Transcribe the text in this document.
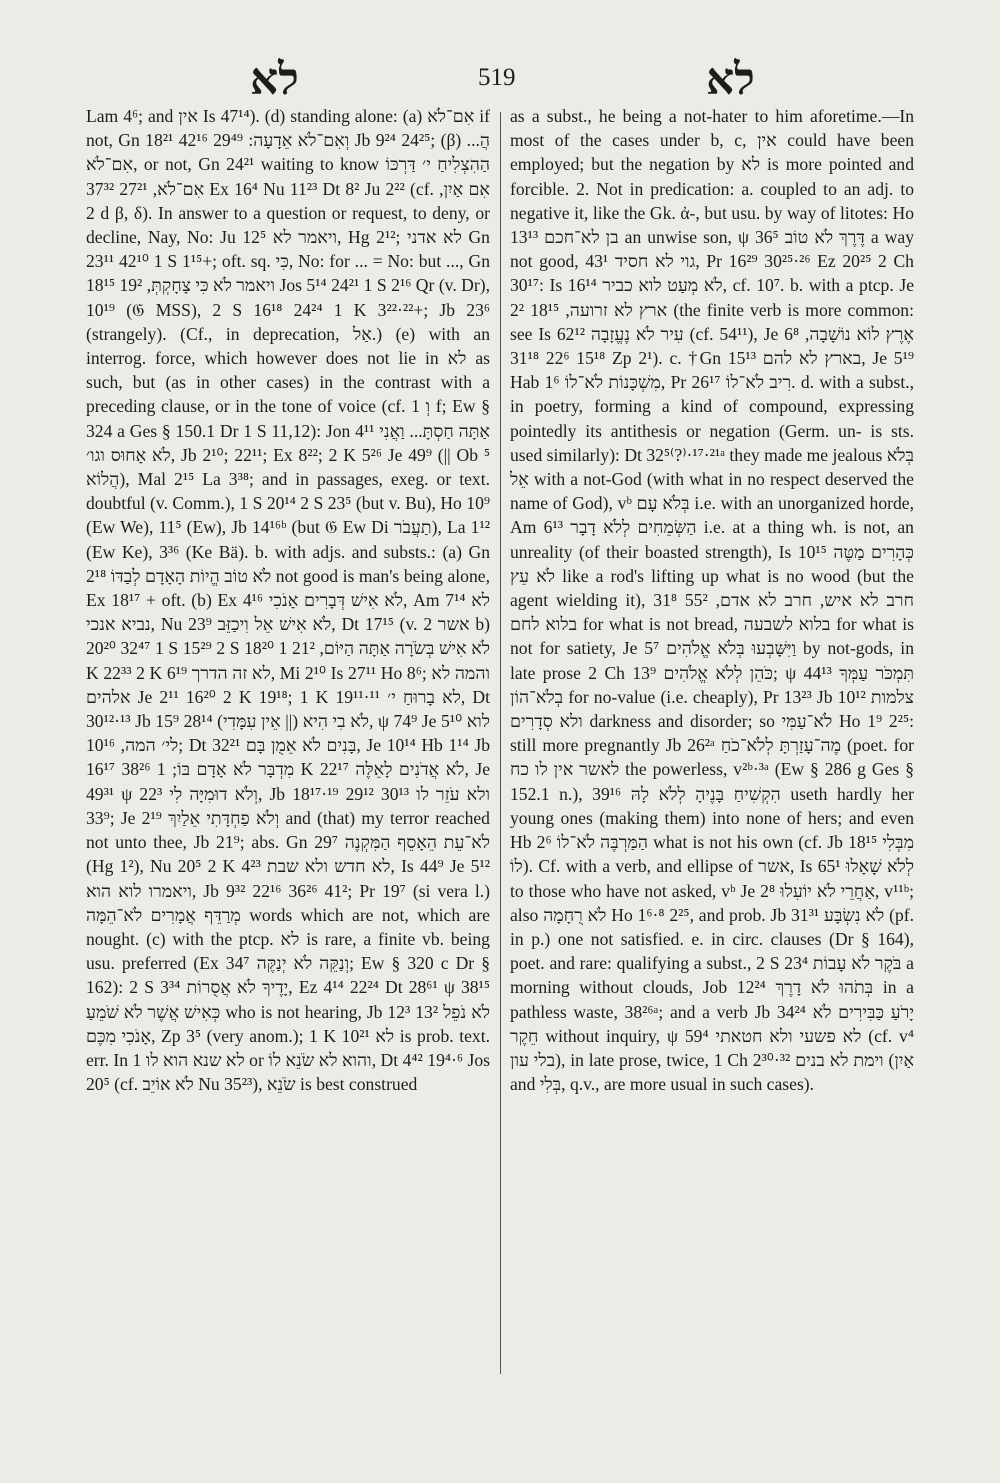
לא	519	לא

Lam 4⁶; and אין Is 47¹⁴). (d) standing alone: (a) אִם־לֹא if not, Gn 18²¹ וְאִם־לֹא אֵדָעָה: 29⁴⁹ 42¹⁶ Jb 9²⁴ 24²⁵; (β) הֲ... אִם־לֹא, or not, Gn 24²¹ waiting to know הַהִצְלִיחַ י׳ דַּרְכּוֹ אִם־לֹא, 27²¹ 37³² Ex 16⁴ Nu 11²³ Dt 8² Ju 2²² (cf. אִם אַיִן, 2 d β, δ). In answer to a question or request, to deny, or decline, Nay, No: Ju 12⁵ ויאמר לא, Hg 2¹²; לא אדני Gn 23¹¹ 42¹⁰ 1 S 1¹⁵+; oft. sq. כִּי, No: for ... = No: but ..., Gn 18¹⁵ ויאמר לֹא כִּי צָחָקְתְּ, 19² Jos 5¹⁴ 24²¹ 1 S 2¹⁶ Qr (v. Dr), 10¹⁹ (𝔊 MSS), 2 S 16¹⁸ 24²⁴ 1 K 3²²·²²+; Jb 23⁶ (strangely). (Cf., in deprecation, אַל.) (e) with an interrog. force, which however does not lie in לא as such, but (as in other cases) in the contrast with a preceding clause, or in the tone of voice (cf. וְ 1 f; Ew § 324 a Ges § 150.1 Dr 1 S 11,12): Jon 4¹¹ אַתָּה חַסְתָּ... וַאֲנִי לֹא אָחוּס וגו׳, Jb 2¹⁰; 22¹¹; Ex 8²²; 2 K 5²⁶ Je 49⁹ (|| Ob ⁵ הֲלוֹא), Mal 2¹⁵ La 3³⁸; and in passages, exeg. or text. doubtful (v. Comm.), 1 S 20¹⁴ 2 S 23⁵ (but v. Bu), Ho 10⁹ (Ew We), 11⁵ (Ew), Jb 14¹⁶ᵇ (but 𝔊 Ew Di תַעֲבֹר), La 1¹² (Ew Ke), 3³⁶ (Ke Bä). b. with adjs. and substs.: (a) Gn 2¹⁸ לֹא טוֹב הֱיוֹת הָאָדָם לְבַדּוֹ not good is man's being alone, Ex 18¹⁷ + oft. (b) Ex 4¹⁶ לֹא אִישׁ דְּבָרִים אָנֹכִי, Am 7¹⁴ לא נביא אנכי, Nu 23⁹ לֹא אִישׁ אֵל וִיכַזֵּב, Dt 17¹⁵ (v. אשר 2 b) 20²⁰ 32⁴⁷ 1 S 15²⁹ 2 S 18²⁰ לֹא אִישׁ בְּשֹׂרָה אַתָּה הַיּוֹם, 21² 1 K 22³³ 2 K 6¹⁹ לא זה הדרך, Mi 2¹⁰ Is 27¹¹ Ho 8⁶; והמה לא אלהים Je 2¹¹ 16²⁰ 2 K 19¹⁸; 1 K 19¹¹·¹¹ לא בָרוּחַ י׳, Dt 30¹²·¹³ Jb 15⁹ 28¹⁴ לֹא בִי הִיא (|| אֵין עִמָּדִי), ψ 74⁹ Je 5¹⁰ לוא לי׳ המה, 10¹⁶; Dt 32²¹ בָּנִים לֹא אֵמֻן בָּם, Je 10¹⁴ Hb 1¹⁴ Jb 16¹⁷ 38²⁶ מִדְבָּר לֹא אָדָם בּוֹ; 1 K 22¹⁷ לֹא אֲדֹנִים לָאֵלֶּה, Je 49³¹ ψ 22³ וְלֹא דוּמִיָּה לִי, Jb 18¹⁷·¹⁹ 29¹² ולא עֹזֵר לו 30¹³ 33⁹; Je 2¹⁹ וְלֹא פַחְדָּתִי אֵלַיִךְ and (that) my terror reached not unto thee, Jb 21⁹; abs. Gn 29⁷ לֹא־עֵת הֵאָסֵף הַמִּקְנֶה (Hg 1²), Nu 20⁵ 2 K 4²³ לא חדש ולא שבת, Is 44⁹ Je 5¹² ויאמרו לוא הוא, Jb 9³² 22¹⁶ 36²⁶ 41²; Pr 19⁷ (si vera l.) מְרַדֵּף אֲמָרִים לֹא־הֵמָּה words which are not, which are nought. (c) with the ptcp. לא is rare, a finite vb. being usu. preferred (Ex 34⁷ וְנַקֵּה לֹא יְנַקֶּה; Ew § 320 c Dr § 162): 2 S 3³⁴ יָדֶיךָ לֹא אֲסֻרוֹת, Ez 4¹⁴ 22²⁴ Dt 28⁶¹ ψ 38¹⁵ כְּאִישׁ אֲשֶׁר לֹא שֹׁמֵעַ who is not hearing, Jb 12³ 13² לֹא נֹפֵל אָנֹכִי מִכֶּם, Zp 3⁵ (very anom.); 1 K 10²¹ לא is prob. text. err. In 1 לא שנא הוא לו or והוא לא שֹׂנֵא לוֹ, Dt 4⁴² 19⁴·⁶ Jos 20⁵ (cf. לֹא אוֹיֵב Nu 35²³), שֹׂנֵא is best construed

as a subst., he being a not-hater to him aforetime.—In most of the cases under b, c, אין could have been employed; but the negation by לא is more pointed and forcible. 2. Not in predication: a. coupled to an adj. to negative it, like the Gk. ἀ-, but usu. by way of litotes: Ho 13¹³ בן לא־חכם an unwise son, ψ 36⁵ דֶּרֶךְ לֹא טוֹב a way not good, 43¹ גוי לא חסיד, Pr 16²⁹ 30²⁵·²⁶ Ez 20²⁵ 2 Ch 30¹⁷: Is 16¹⁴ לֹא מְעַט לוא כביר, cf. 10⁷. b. with a ptcp. Je 2² ארץ לא זרועה, 18¹⁵ (the finite verb is more common: see Is 62¹² עִיר לֹא נֶעֱזָבָה (cf. 54¹¹), Je 6⁸ אֶרֶץ לוֹא נוֹשָׁבָה, 15¹⁸ 22⁶ 31¹⁸ Zp 2¹). c. †Gn 15¹³ בארץ לא להם, Je 5¹⁹ Hab 1⁶ מִשְׁכָּנוֹת לֹא־לוֹ, Pr 26¹⁷ רִיב לֹא־לוֹ. d. with a subst., in poetry, forming a kind of compound, expressing pointedly its antithesis or negation (Germ. un- is sts. used similarly): Dt 32⁵⁽?⁾·¹⁷·²¹ᵃ they made me jealous בְּלֹא אֵל with a not-God (with what in no respect deserved the name of God), vᵇ בְּלֹא עָם i.e. with an unorganized horde, Am 6¹³ הַשְּׂמֵחִים לְלֹא דָבָר i.e. at a thing wh. is not, an unreality (of their boasted strength), Is 10¹⁵ כְּהָרִים מַטֶּה לֹא עֵץ like a rod's lifting up what is no wood (but the agent wielding it), 31⁸ חרב לא איש, חרב לא אדם, 55² בלוא לחם for what is not bread, בלוא לשבעה for what is not for satiety, Je 5⁷ וַיִּשָּׁבְעוּ בְּלֹא אֱלֹהִים by not-gods, in late prose 2 Ch 13⁹ כֹּהֵן לְלֹא אֱלֹהִים; ψ 44¹³ תִּמְכֹּר עַמְּךָ בְלֹא־הוֹן for no-value (i.e. cheaply), Pr 13²³ Jb 10¹² צלמות ולא סְדָרִים darkness and disorder; so לֹא־עַמִּי Ho 1⁹ 2²⁵: still more pregnantly Jb 26²ᵃ מֶה־עָזַרְתָּ לְלֹא־כֹחַ (poet. for לאשר אין לו כח the powerless, v²ᵇ·³ᵃ (Ew § 286 g Ges § 152.1 n.), 39¹⁶ הִקְשִׁיחַ בָּנֶיהָ לְלֹא לָהּ useth hardly her young ones (making them) into none of hers; and even Hb 2⁶ הַמַּרְבֶּה לֹא־לוֹ what is not his own (cf. Jb 18¹⁵ מִבְּלִי לוֹ). Cf. with a verb, and ellipse of אשר, Is 65¹ לְלֹא שָׁאָלוּ to those who have not asked, vᵇ Je 2⁸ אַחֲרֵי לֹא יוֹעִלוּ, v¹¹ᵇ; also לֹא רֻחָמָה Ho 1⁶·⁸ 2²⁵, and prob. Jb 31³¹ לֹא נִשְׂבָּע (pf. in p.) one not satisfied. e. in circ. clauses (Dr § 164), poet. and rare: qualifying a subst., 2 S 23⁴ בֹּקֶר לֹא עָבוֹת a morning without clouds, Job 12²⁴ בְּתֹהוּ לֹא דָרֶךְ in a pathless waste, 38²⁶ᵃ; and a verb Jb 34²⁴ יָרֹעַ כַּבִּירִים לֹא חֵקֶר without inquiry, ψ 59⁴ לא פשעי ולא חטאתי (cf. v⁴ בלי עון), in late prose, twice, 1 Ch 2³⁰·³² וימת לא בנים (אַיִן and בְּלִי, q.v., are more usual in such cases).
